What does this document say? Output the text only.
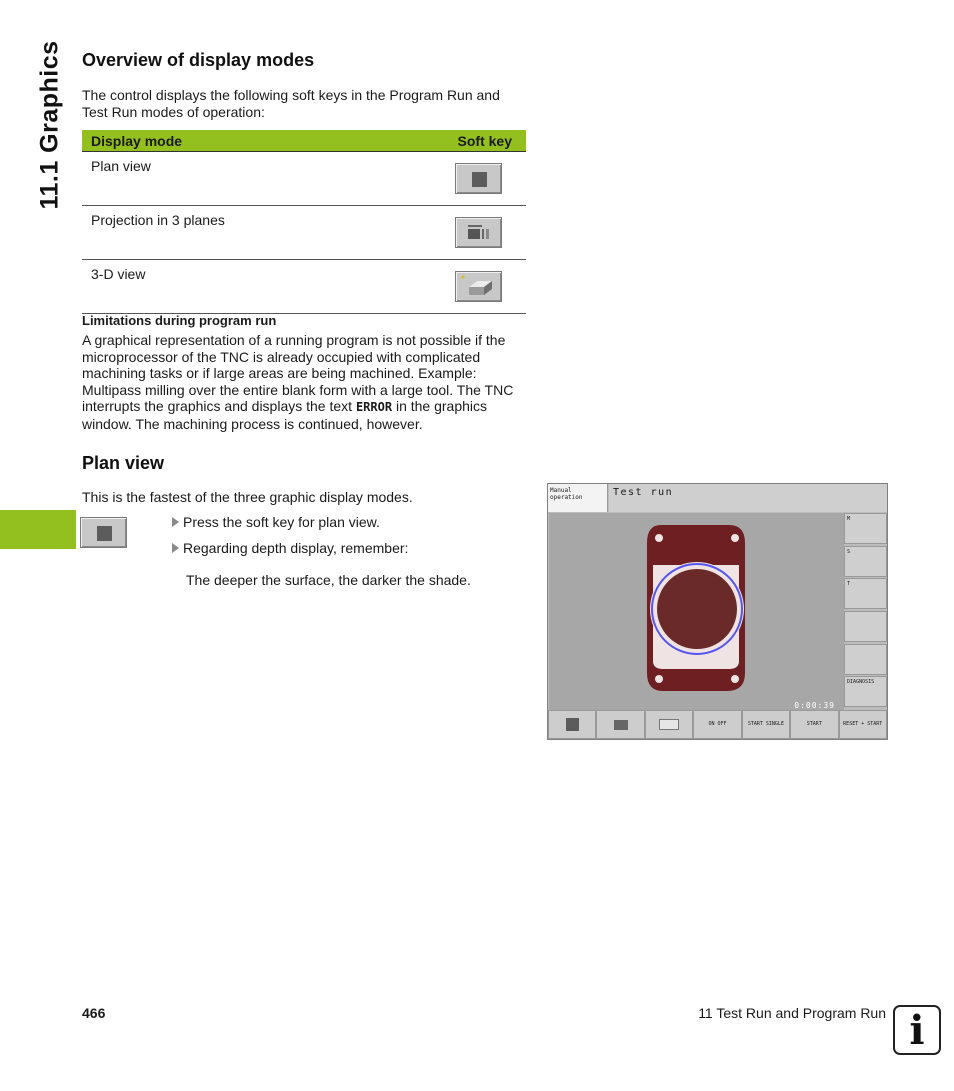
11.1 Graphics Overview of display modes

The control displays the following soft keys in the Program Run and Test Run modes of operation:

Display mode	Soft key
Plan view	

Projection in 3 planes	
3-D view	

Limitations during program run

A graphical representation of a running program is not possible if the microprocessor of the TNC is already occupied with complicated machining tasks or if large areas are being machined. Example: Multipass milling over the entire blank form with a large tool. The TNC interrupts the graphics and displays the text ERROR in the graphics window. The machining process is continued, however.

Plan view

This is the fastest of the three graphic display modes.

Press the soft key for plan view.

Regarding depth display, remember:

The deeper the surface, the darker the shade.

Manual operation	Test run
0:00:39
M
S
T
DIAGNOSIS
ON OFF	START SINGLE	START	RESET + START
466	11 Test Run and Program Run i
